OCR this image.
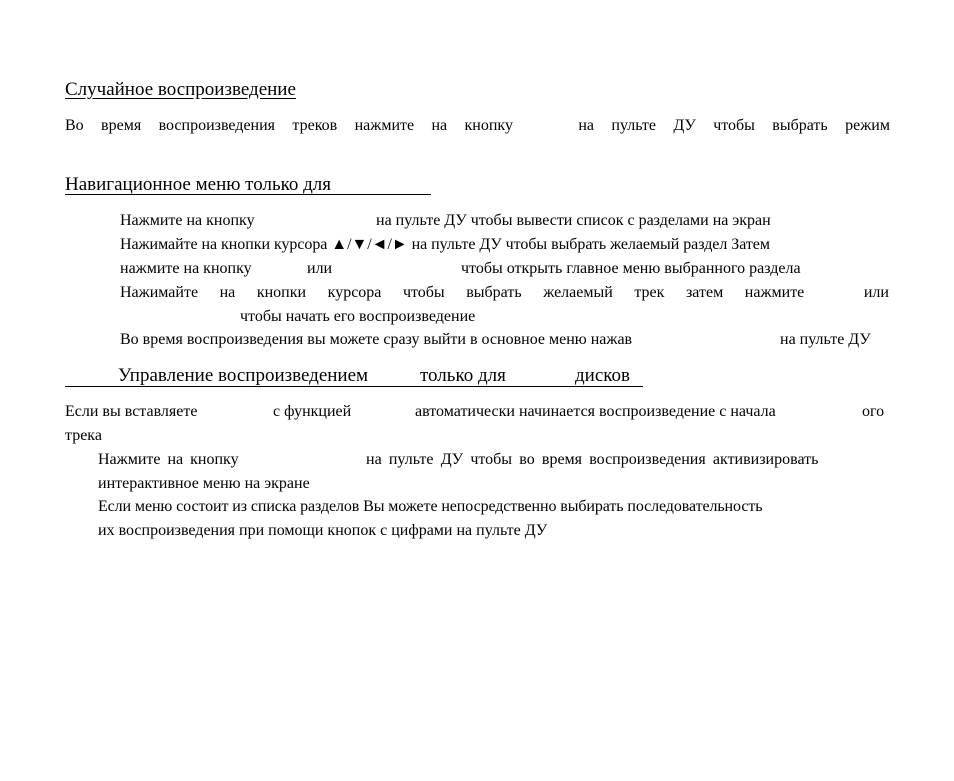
Случайное воспроизведение
Во время воспроизведения треков нажмите на кнопку	на пульте ДУ чтобы выбрать режим
Навигационное меню только для
Нажмите на кнопку	на пульте ДУ чтобы вывести список с разделами на экран
Нажимайте на кнопки курсора ▲/▼/◄/► на пульте ДУ чтобы выбрать желаемый раздел Затем
нажмите на кнопку	или	чтобы открыть главное меню выбранного раздела
Нажимайте на кнопки курсора чтобы выбрать желаемый трек затем нажмите	или
чтобы начать его воспроизведение
Во время воспроизведения вы можете сразу выйти в основное меню нажав	на пульте ДУ
Управление воспроизведением	только для	дисков
Если вы вставляете	с функцией	автоматически начинается воспроизведение с начала	ого
трека
Нажмите на кнопку	на пульте ДУ чтобы во время воспроизведения активизировать
интерактивное меню на экране
Если меню состоит из списка разделов Вы можете непосредственно выбирать последовательность
их воспроизведения при помощи кнопок с цифрами на пульте ДУ
